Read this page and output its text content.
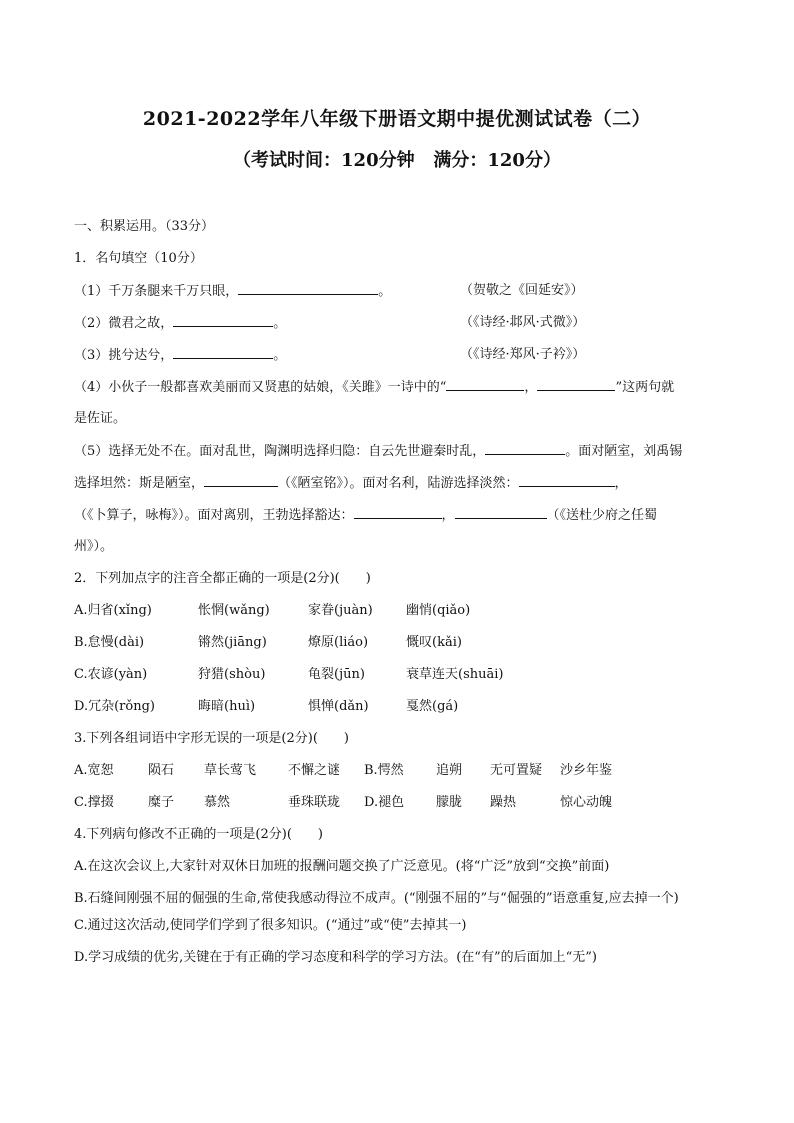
2021-2022学年八年级下册语文期中提优测试试卷（二）
（考试时间：120分钟   满分：120分）
一、积累运用。（33分）
1．名句填空（10分）
（1）千万条腿来千万只眼，	。	（贺敬之《回延安》）
（2）微君之故，	。	（《诗经·邶风·式微》）
（3）挑兮达兮，	。	（《诗经·郑风·子衿》）
（4）小伙子一般都喜欢美丽而又贤惠的姑娘，《关雎》一诗中的“	，	”这两句就
是佐证。
（5）选择无处不在。面对乱世，陶渊明选择归隐：自云先世避秦时乱，	。面对陋室，刘禹锡
选择坦然：斯是陋室，	（《陋室铭》）。面对名利，陆游选择淡然：	，
（《卜算子，咏梅》）。面对离别，王勃选择豁达：	，	（《送杜少府之任蜀
州》）。
2．下列加点字的注音全都正确的一项是(2分)(　　)
A.归省(xǐng)	怅惘(wǎng)	家眷(juàn)	幽悄(qiǎo)
B.怠慢(dài)	锵然(jiāng)	燎原(liáo)	慨叹(kǎi)
C.农谚(yàn)	狩猎(shòu)	龟裂(jūn)	衰草连天(shuāi)
D.冗杂(rǒng)	晦暗(huì)	惧惮(dǎn)	戛然(gá)
3.下列各组词语中字形无误的一项是(2分)(　　)
A.宽恕	陨石 草长莺飞 不懈之谜 B.愕然 追朔 无可置疑 沙乡年鉴
C.撑掇	糜子 慕然	垂珠联珑 D.褪色 朦胧 躁热	惊心动魄
4.下列病句修改不正确的一项是(2分)(　　)
A.在这次会议上,大家针对双休日加班的报酬问题交换了广泛意见。(将“广泛”放到“交换”前面)
B.石缝间刚强不屈的倔强的生命,常使我感动得泣不成声。(“刚强不屈的”与“倔强的”语意重复,应去掉一个)
C.通过这次活动,使同学们学到了很多知识。(“通过”或“使”去掉其一)
D.学习成绩的优劣,关键在于有正确的学习态度和科学的学习方法。(在“有”的后面加上“无”)
